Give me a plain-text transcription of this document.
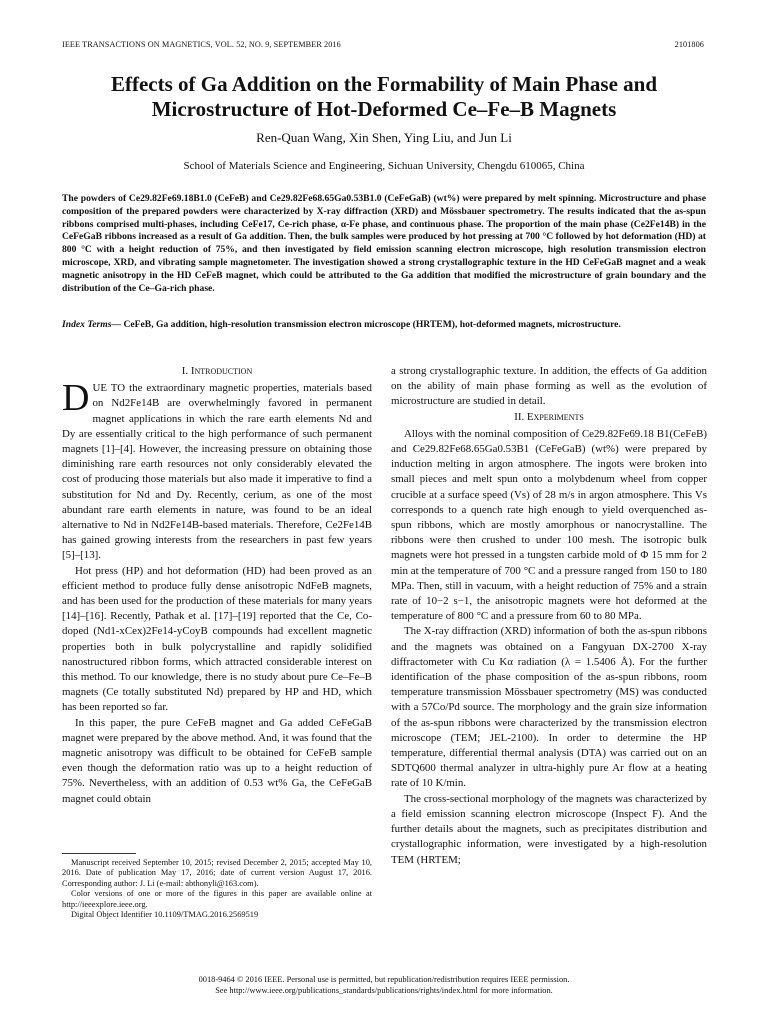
IEEE TRANSACTIONS ON MAGNETICS, VOL. 52, NO. 9, SEPTEMBER 2016	2101806
Effects of Ga Addition on the Formability of Main Phase and Microstructure of Hot-Deformed Ce–Fe–B Magnets
Ren-Quan Wang, Xin Shen, Ying Liu, and Jun Li
School of Materials Science and Engineering, Sichuan University, Chengdu 610065, China
The powders of Ce29.82Fe69.18B1.0 (CeFeB) and Ce29.82Fe68.65Ga0.53B1.0 (CeFeGaB) (wt%) were prepared by melt spinning. Microstructure and phase composition of the prepared powders were characterized by X-ray diffraction (XRD) and Mössbauer spectrometry. The results indicated that the as-spun ribbons comprised multi-phases, including CeFe17, Ce-rich phase, α-Fe phase, and continuous phase. The proportion of the main phase (Ce2Fe14B) in the CeFeGaB ribbons increased as a result of Ga addition. Then, the bulk samples were produced by hot pressing at 700 °C followed by hot deformation (HD) at 800 °C with a height reduction of 75%, and then investigated by field emission scanning electron microscope, high resolution transmission electron microscope, XRD, and vibrating sample magnetometer. The investigation showed a strong crystallographic texture in the HD CeFeGaB magnet and a weak magnetic anisotropy in the HD CeFeB magnet, which could be attributed to the Ga addition that modified the microstructure of grain boundary and the distribution of the Ce–Ga-rich phase.
Index Terms— CeFeB, Ga addition, high-resolution transmission electron microscope (HRTEM), hot-deformed magnets, microstructure.
I. Introduction

DUE TO the extraordinary magnetic properties, materials based on Nd2Fe14B are overwhelmingly favored in permanent magnet applications in which the rare earth elements Nd and Dy are essentially critical to the high performance of such permanent magnets [1]–[4]. However, the increasing pressure on obtaining those diminishing rare earth resources not only considerably elevated the cost of producing those materials but also made it imperative to find a substitution for Nd and Dy. Recently, cerium, as one of the most abundant rare earth elements in nature, was found to be an ideal alternative to Nd in Nd2Fe14B-based materials. Therefore, Ce2Fe14B has gained growing interests from the researchers in past few years [5]–[13].

Hot press (HP) and hot deformation (HD) had been proved as an efficient method to produce fully dense anisotropic NdFeB magnets, and has been used for the production of these materials for many years [14]–[16]. Recently, Pathak et al. [17]–[19] reported that the Ce, Co-doped (Nd1-xCex)2Fe14-yCoyB compounds had excellent magnetic properties both in bulk polycrystalline and rapidly solidified nanostructured ribbon forms, which attracted considerable interest on this method. To our knowledge, there is no study about pure Ce–Fe–B magnets (Ce totally substituted Nd) prepared by HP and HD, which has been reported so far.

In this paper, the pure CeFeB magnet and Ga added CeFeGaB magnet were prepared by the above method. And, it was found that the magnetic anisotropy was difficult to be obtained for CeFeB sample even though the deformation ratio was up to a height reduction of 75%. Nevertheless, with an addition of 0.53 wt% Ga, the CeFeGaB magnet could obtain

a strong crystallographic texture. In addition, the effects of Ga addition on the ability of main phase forming as well as the evolution of microstructure are studied in detail.

II. Experiments

Alloys with the nominal composition of Ce29.82Fe69.18 B1(CeFeB) and Ce29.82Fe68.65Ga0.53B1 (CeFeGaB) (wt%) were prepared by induction melting in argon atmosphere. The ingots were broken into small pieces and melt spun onto a molybdenum wheel from copper crucible at a surface speed (Vs) of 28 m/s in argon atmosphere. This Vs corresponds to a quench rate high enough to yield overquenched as-spun ribbons, which are mostly amorphous or nanocrystalline. The ribbons were then crushed to under 100 mesh. The isotropic bulk magnets were hot pressed in a tungsten carbide mold of Φ 15 mm for 2 min at the temperature of 700 °C and a pressure ranged from 150 to 180 MPa. Then, still in vacuum, with a height reduction of 75% and a strain rate of 10−2 s−1, the anisotropic magnets were hot deformed at the temperature of 800 °C and a pressure from 60 to 80 MPa.

The X-ray diffraction (XRD) information of both the as-spun ribbons and the magnets was obtained on a Fangyuan DX-2700 X-ray diffractometer with Cu Kα radiation (λ = 1.5406 Å). For the further identification of the phase composition of the as-spun ribbons, room temperature transmission Mössbauer spectrometry (MS) was conducted with a 57Co/Pd source. The morphology and the grain size information of the as-spun ribbons were characterized by the transmission electron microscope (TEM; JEL-2100). In order to determine the HP temperature, differential thermal analysis (DTA) was carried out on an SDTQ600 thermal analyzer in ultra-highly pure Ar flow at a heating rate of 10 K/min.

The cross-sectional morphology of the magnets was characterized by a field emission scanning electron microscope (Inspect F). And the further details about the magnets, such as precipitates distribution and crystallographic information, were investigated by a high-resolution TEM (HRTEM;

Manuscript received September 10, 2015; revised December 2, 2015; accepted May 10, 2016. Date of publication May 17, 2016; date of current version August 17, 2016. Corresponding author: J. Li (e-mail: abthonyli@163.com).

Color versions of one or more of the figures in this paper are available online at http://ieeexplore.ieee.org.

Digital Object Identifier 10.1109/TMAG.2016.2569519

0018-9464 © 2016 IEEE. Personal use is permitted, but republication/redistribution requires IEEE permission.
See http://www.ieee.org/publications_standards/publications/rights/index.html for more information.
